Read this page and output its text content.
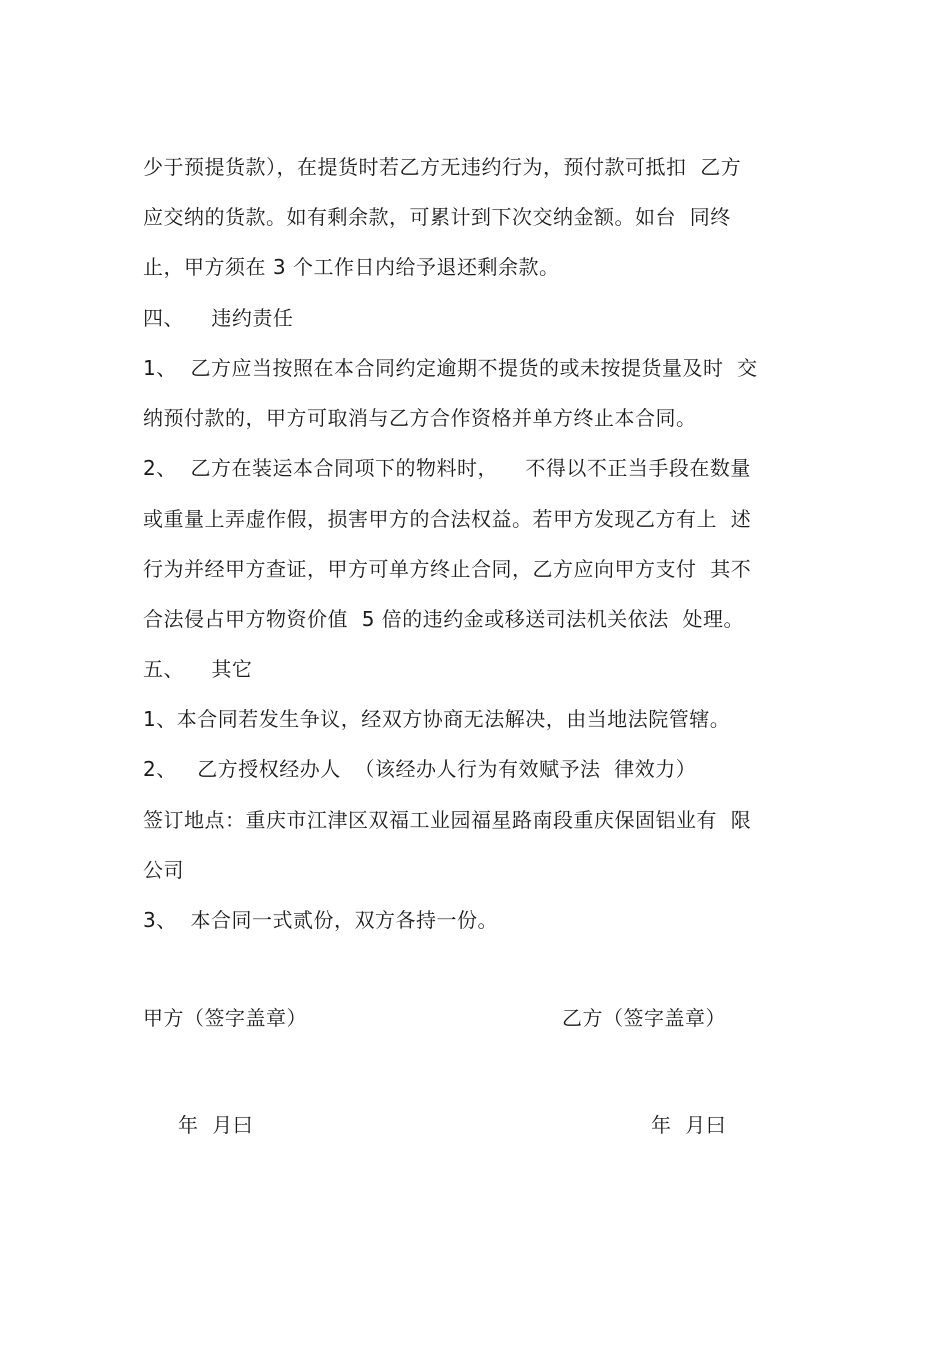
少于预提货款），在提货时若乙方无违约行为，预付款可抵扣  乙方
应交纳的货款。如有剩余款，可累计到下次交纳金额。如台  同终
止，甲方须在 3 个工作日内给予退还剩余款。
四、    违约责任
1、  乙方应当按照在本合同约定逾期不提货的或未按提货量及时  交
纳预付款的，甲方可取消与乙方合作资格并单方终止本合同。
2、  乙方在装运本合同项下的物料时，    不得以不正当手段在数量
或重量上弄虚作假，损害甲方的合法权益。若甲方发现乙方有上  述
行为并经甲方查证，甲方可单方终止合同，乙方应向甲方支付  其不
合法侵占甲方物资价值  5 倍的违约金或移送司法机关依法  处理。
五、    其它
1、本合同若发生争议，经双方协商无法解决，由当地法院管辖。
2、   乙方授权经办人  （该经办人行为有效赋予法  律效力）
签订地点：重庆市江津区双福工业园福星路南段重庆保固铝业有  限
公司
3、  本合同一式贰份，双方各持一份。
甲方（签字盖章）	乙方（签字盖章）
年  月曰	年  月曰
